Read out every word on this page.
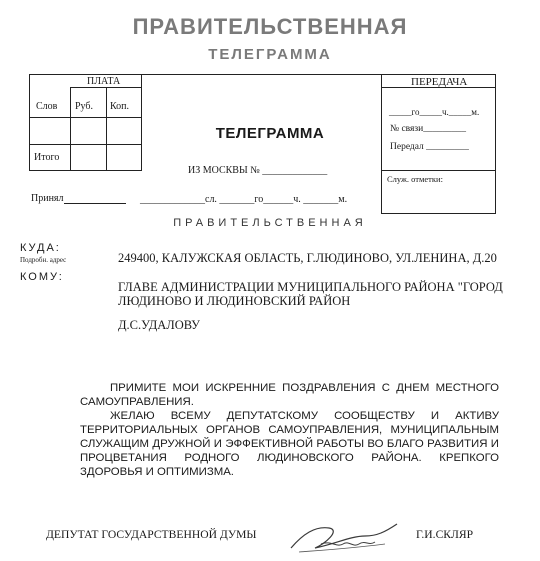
ПРАВИТЕЛЬСТВЕННАЯ
ТЕЛЕГРАММА
ПЛАТА
Слов Руб. Коп.
Итого
Принял
ПЕРЕДАЧА
_____го_____ч._____м.
№ связи_________
Передал _________
Служ. отметки:
ТЕЛЕГРАММА
ИЗ МОСКВЫ № _____________
_____________сл. _______го______ч. _______м.
ПРАВИТЕЛЬСТВЕННАЯ
КУДА:
Подробн. адрес	249400, КАЛУЖСКАЯ ОБЛАСТЬ, Г.ЛЮДИНОВО, УЛ.ЛЕНИНА, Д.20
КОМУ:
ГЛАВЕ АДМИНИСТРАЦИИ МУНИЦИПАЛЬНОГО РАЙОНА "ГОРОД
ЛЮДИНОВО И ЛЮДИНОВСКИЙ РАЙОН
Д.С.УДАЛОВУ

ПРИМИТЕ МОИ ИСКРЕННИЕ ПОЗДРАВЛЕНИЯ С ДНЕМ МЕСТНОГО САМОУПРАВЛЕНИЯ.

ЖЕЛАЮ ВСЕМУ ДЕПУТАТСКОМУ СООБЩЕСТВУ И АКТИВУ ТЕРРИТОРИАЛЬНЫХ ОРГАНОВ САМОУПРАВЛЕНИЯ, МУНИЦИПАЛЬНЫМ СЛУЖАЩИМ ДРУЖНОЙ И ЭФФЕКТИВНОЙ РАБОТЫ ВО БЛАГО РАЗВИТИЯ И ПРОЦВЕТАНИЯ РОДНОГО ЛЮДИНОВСКОГО РАЙОНА. КРЕПКОГО ЗДОРОВЬЯ И ОПТИМИЗМА.

ДЕПУТАТ ГОСУДАРСТВЕННОЙ ДУМЫ	Г.И.СКЛЯР
